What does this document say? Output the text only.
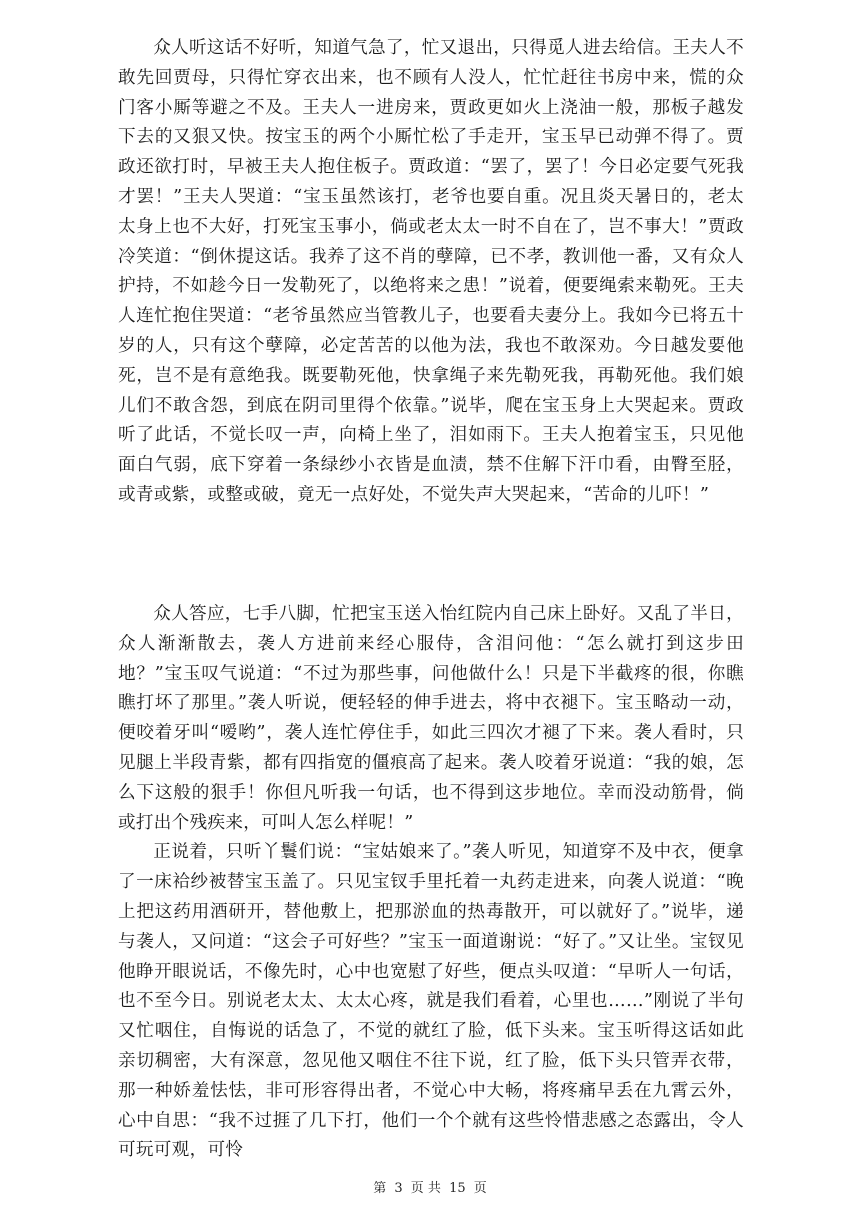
众人听这话不好听，知道气急了，忙又退出，只得觅人进去给信。王夫人不敢先回贾母，只得忙穿衣出来，也不顾有人没人，忙忙赶往书房中来，慌的众门客小厮等避之不及。王夫人一进房来，贾政更如火上浇油一般，那板子越发下去的又狠又快。按宝玉的两个小厮忙松了手走开，宝玉早已动弹不得了。贾政还欲打时，早被王夫人抱住板子。贾政道：“罢了，罢了！今日必定要气死我才罢！”王夫人哭道：“宝玉虽然该打，老爷也要自重。况且炎天暑日的，老太太身上也不大好，打死宝玉事小，倘或老太太一时不自在了，岂不事大！”贾政冷笑道：“倒休提这话。我养了这不肖的孽障，已不孝，教训他一番，又有众人护持，不如趁今日一发勒死了，以绝将来之患！”说着，便要绳索来勒死。王夫人连忙抱住哭道：“老爷虽然应当管教儿子，也要看夫妻分上。我如今已将五十岁的人，只有这个孽障，必定苦苦的以他为法，我也不敢深劝。今日越发要他死，岂不是有意绝我。既要勒死他，快拿绳子来先勒死我，再勒死他。我们娘儿们不敢含怨，到底在阴司里得个依靠。”说毕，爬在宝玉身上大哭起来。贾政听了此话，不觉长叹一声，向椅上坐了，泪如雨下。王夫人抱着宝玉，只见他面白气弱，底下穿着一条绿纱小衣皆是血渍，禁不住解下汗巾看，由臀至胫，或青或紫，或整或破，竟无一点好处，不觉失声大哭起来，“苦命的儿吓！”

众人答应，七手八脚，忙把宝玉送入怡红院内自己床上卧好。又乱了半日，众人渐渐散去，袭人方进前来经心服侍，含泪问他：“怎么就打到这步田地？”宝玉叹气说道：“不过为那些事，问他做什么！只是下半截疼的很，你瞧瞧打坏了那里。”袭人听说，便轻轻的伸手进去，将中衣褪下。宝玉略动一动，便咬着牙叫“嗳哟”，袭人连忙停住手，如此三四次才褪了下来。袭人看时，只见腿上半段青紫，都有四指宽的僵痕高了起来。袭人咬着牙说道：“我的娘，怎么下这般的狠手！你但凡听我一句话，也不得到这步地位。幸而没动筋骨，倘或打出个残疾来，可叫人怎么样呢！”

正说着，只听丫鬟们说：“宝姑娘来了。”袭人听见，知道穿不及中衣，便拿了一床袷纱被替宝玉盖了。只见宝钗手里托着一丸药走进来，向袭人说道：“晚上把这药用酒研开，替他敷上，把那淤血的热毒散开，可以就好了。”说毕，递与袭人，又问道：“这会子可好些？”宝玉一面道谢说：“好了。”又让坐。宝钗见他睁开眼说话，不像先时，心中也宽慰了好些，便点头叹道：“早听人一句话，也不至今日。别说老太太、太太心疼，就是我们看着，心里也……”刚说了半句又忙咽住，自悔说的话急了，不觉的就红了脸，低下头来。宝玉听得这话如此亲切稠密，大有深意，忽见他又咽住不往下说，红了脸，低下头只管弄衣带，那一种娇羞怯怯，非可形容得出者，不觉心中大畅，将疼痛早丢在九霄云外，心中自思：“我不过捱了几下打，他们一个个就有这些怜惜悲感之态露出，令人可玩可观，可怜

第 3 页 共 15 页
